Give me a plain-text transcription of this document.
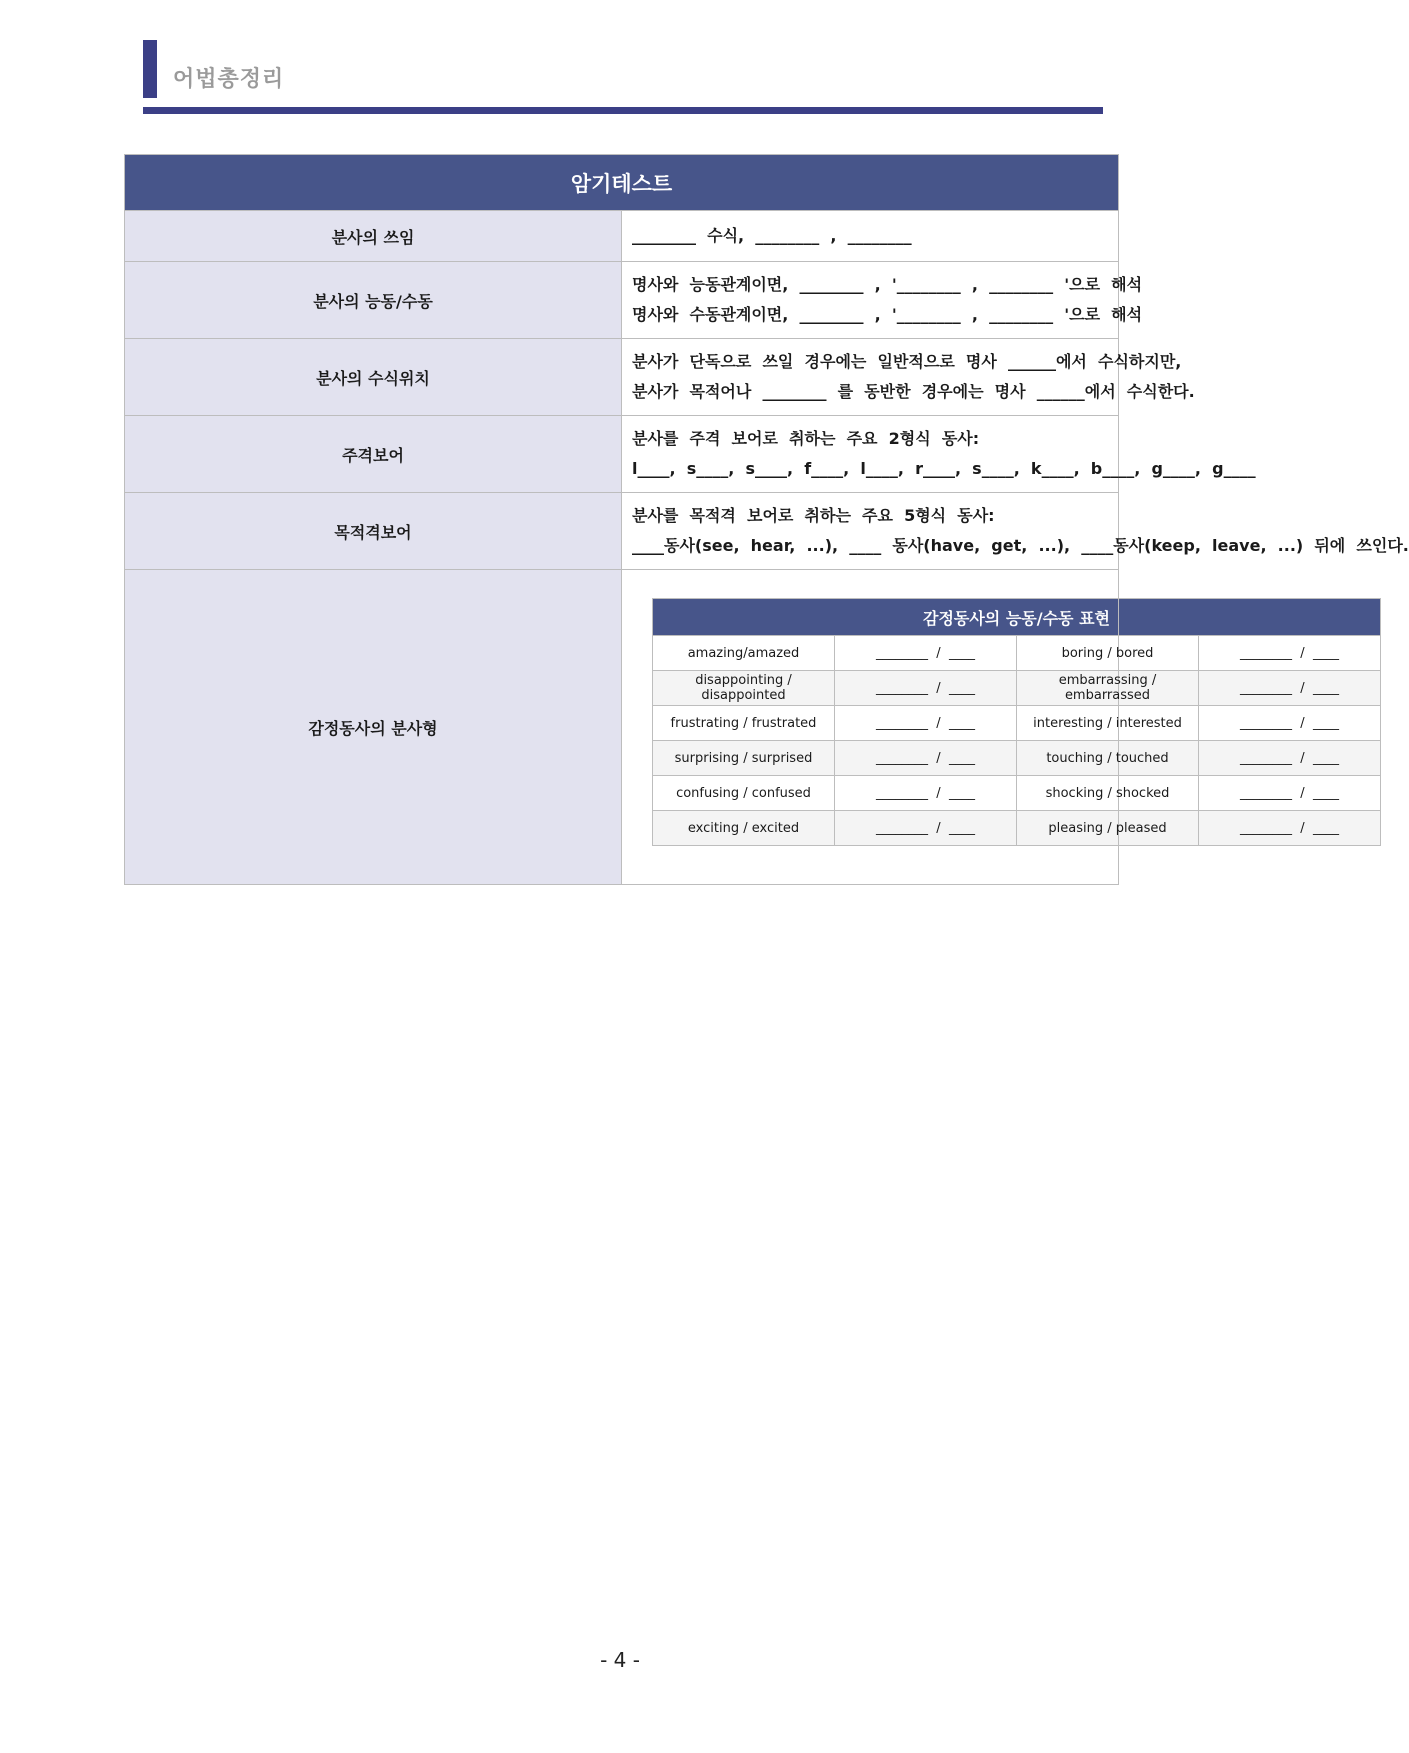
어법총정리
암기테스트
분사의 쓰임	________  수식,  ________  ,  ________

분사의 능동/수동	
명사와  능동관계이면,  ________  ,  '________  ,  ________  '으로  해석
명사와  수동관계이면,  ________  ,  '________  ,  ________  '으로  해석

분사의 수식위치	
분사가  단독으로  쓰일  경우에는  일반적으로  명사  ______에서  수식하지만,
분사가  목적어나  ________  를  동반한  경우에는  명사  ______에서  수식한다.

주격보어	
분사를  주격  보어로  취하는  주요  2형식  동사:
l____,  s____,  s____,  f____,  l____,  r____,  s____,  k____,  b____,  g____,  g____

목적격보어	
분사를  목적격  보어로  취하는  주요  5형식  동사:
____동사(see,  hear,  ...),  ____  동사(have,  get,  ...),  ____동사(keep,  leave,  ...)  뒤에  쓰인다.

감정동사의 분사형	
감정동사의 능동/수동 표현
amazing/amazed	________  /  ____	boring / bored	________  /  ____
disappointing / disappointed	________  /  ____	embarrassing / embarrassed	________  /  ____
frustrating / frustrated	________  /  ____	interesting / interested	________  /  ____
surprising / surprised	________  /  ____	touching / touched	________  /  ____
confusing / confused	________  /  ____	shocking / shocked	________  /  ____
exciting / excited	________  /  ____	pleasing / pleased	________  /  ____
- 4 -
